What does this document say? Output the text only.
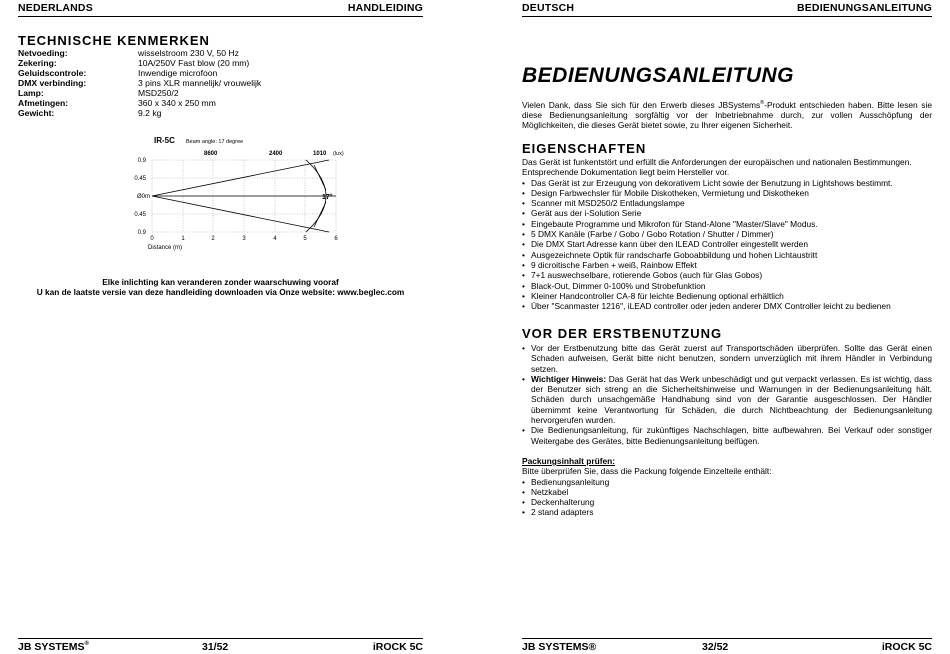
NEDERLANDS	HANDLEIDING
TECHNISCHE KENMERKEN
Netvoeding:	wisselstroom 230 V, 50 Hz
Zekering:	10A/250V Fast blow (20 mm)
Geluidscontrole:	Inwendige microfoon
DMX verbinding:	3 pins XLR mannelijk/ vrouwelijk
Lamp:	MSD250/2
Afmetingen:	360 x 340 x 250 mm
Gewicht:	9.2 kg
IR-5C Beam angle: 17 degree
8600	2400	1010 (lux)
17°
0.9
0.45
Ø0m
0.45
0.9
0	1	2	3	4	5	6
Distance (m)
Elke inlichting kan veranderen zonder waarschuwing vooraf
U kan de laatste versie van deze handleiding downloaden via Onze website: www.beglec.com
JB SYSTEMS®	31/52	iROCK 5C
DEUTSCH	BEDIENUNGSANLEITUNG
BEDIENUNGSANLEITUNG
Vielen Dank, dass Sie sich für den Erwerb dieses JBSystems®-Produkt entschieden haben. Bitte lesen sie diese Bedienungsanleitung sorgfältig vor der Inbetriebnahme durch, zur vollen Ausschöpfung der Möglichkeiten, die dieses Gerät bietet sowie, zu Ihrer eigenen Sicherheit.
EIGENSCHAFTEN
Das Gerät ist funkentstört und erfüllt die Anforderungen der europäischen und nationalen Bestimmungen. Entsprechende Dokumentation liegt beim Hersteller vor.
• Das Gerät ist zur Erzeugung von dekorativem Licht sowie der Benutzung in Lightshows bestimmt.
• Design Farbwechsler für Mobile Diskotheken, Vermietung und Diskotheken
• Scanner mit MSD250/2 Entladungslampe
• Gerät aus der i-Solution Serie
• Eingebaute Programme und Mikrofon für Stand-Alone "Master/Slave" Modus.
• 5 DMX Kanäle (Farbe / Gobo / Gobo Rotation / Shutter / Dimmer)
• Die DMX Start Adresse kann über den ILEAD Controller eingestellt werden
• Ausgezeichnete Optik für randscharfe Goboabbildung und hohen Lichtaustritt
• 9 dicroitische Farben + weiß, Rainbow Effekt
• 7+1 auswechselbare, rotierende Gobos (auch für Glas Gobos)
• Black-Out, Dimmer 0-100% und Strobefunktion
• Kleiner Handcontroller CA-8 für leichte Bedienung optional erhältlich
• Über "Scanmaster 1216", iLEAD controller oder jeden anderer DMX Controller leicht zu bedienen
VOR DER ERSTBENUTZUNG
• Vor der Erstbenutzung bitte das Gerät zuerst auf Transportschäden überprüfen. Sollte das Gerät einen Schaden aufweisen, Gerät bitte nicht benutzen, sondern unverzüglich mit ihrem Händler in Verbindung setzen.
• Wichtiger Hinweis: Das Gerät hat das Werk unbeschädigt und gut verpackt verlassen. Es ist wichtig, dass der Benutzer sich streng an die Sicherheitshinweise und Warnungen in der Bedienungsanleitung hält. Schäden durch unsachgemäße Handhabung sind von der Garantie ausgeschlossen. Der Händler übernimmt keine Verantwortung für Schäden, die durch Nichtbeachtung der Bedienungsanleitung hervorgerufen wurden.
• Die Bedienungsanleitung, für zukünftiges Nachschlagen, bitte aufbewahren. Bei Verkauf oder sonstiger Weitergabe des Gerätes, bitte Bedienungsanleitung beifügen.
Packungsinhalt prüfen:
Bitte überprüfen Sie, dass die Packung folgende Einzelteile enthält:
• Bedienungsanleitung
• Netzkabel
• Deckenhalterung
• 2 stand adapters
JB SYSTEMS®	32/52	iROCK 5C
